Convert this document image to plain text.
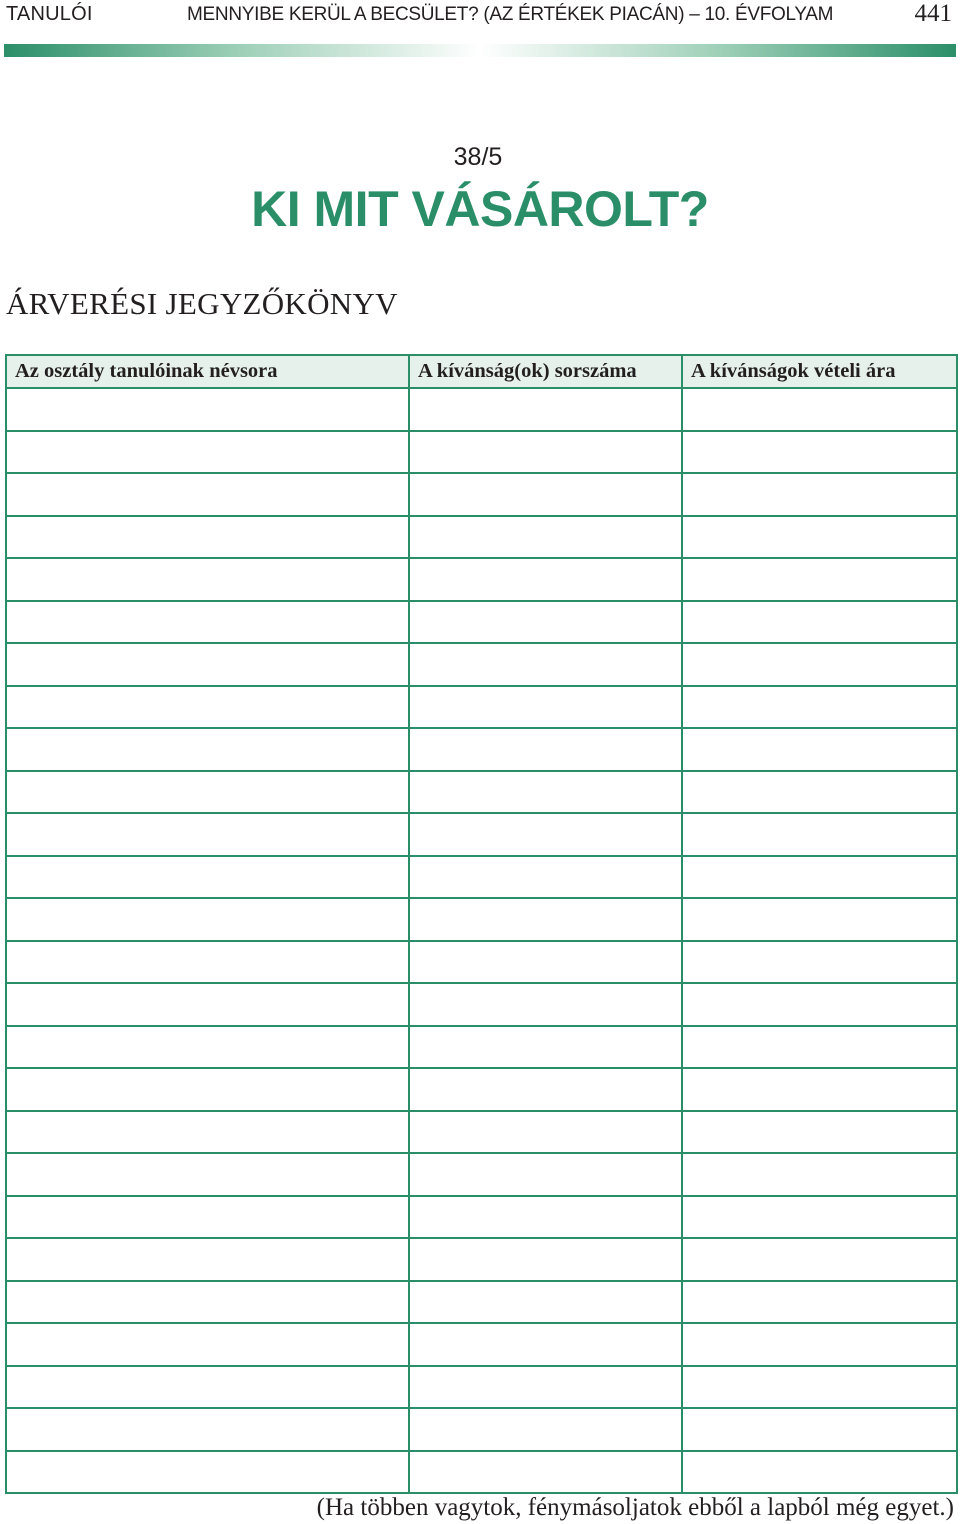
TANULÓI	MENNYIBE KERÜL A BECSÜLET? (AZ ÉRTÉKEK PIACÁN) – 10. ÉVFOLYAM	441
38/5
KI MIT VÁSÁROLT?
ÁRVERÉSI JEGYZŐKÖNYV
Az osztály tanulóinak névsora	A kívánság(ok) sorszáma	A kívánságok vételi ára

(Ha többen vagytok, fénymásoljatok ebből a lapból még egyet.)
